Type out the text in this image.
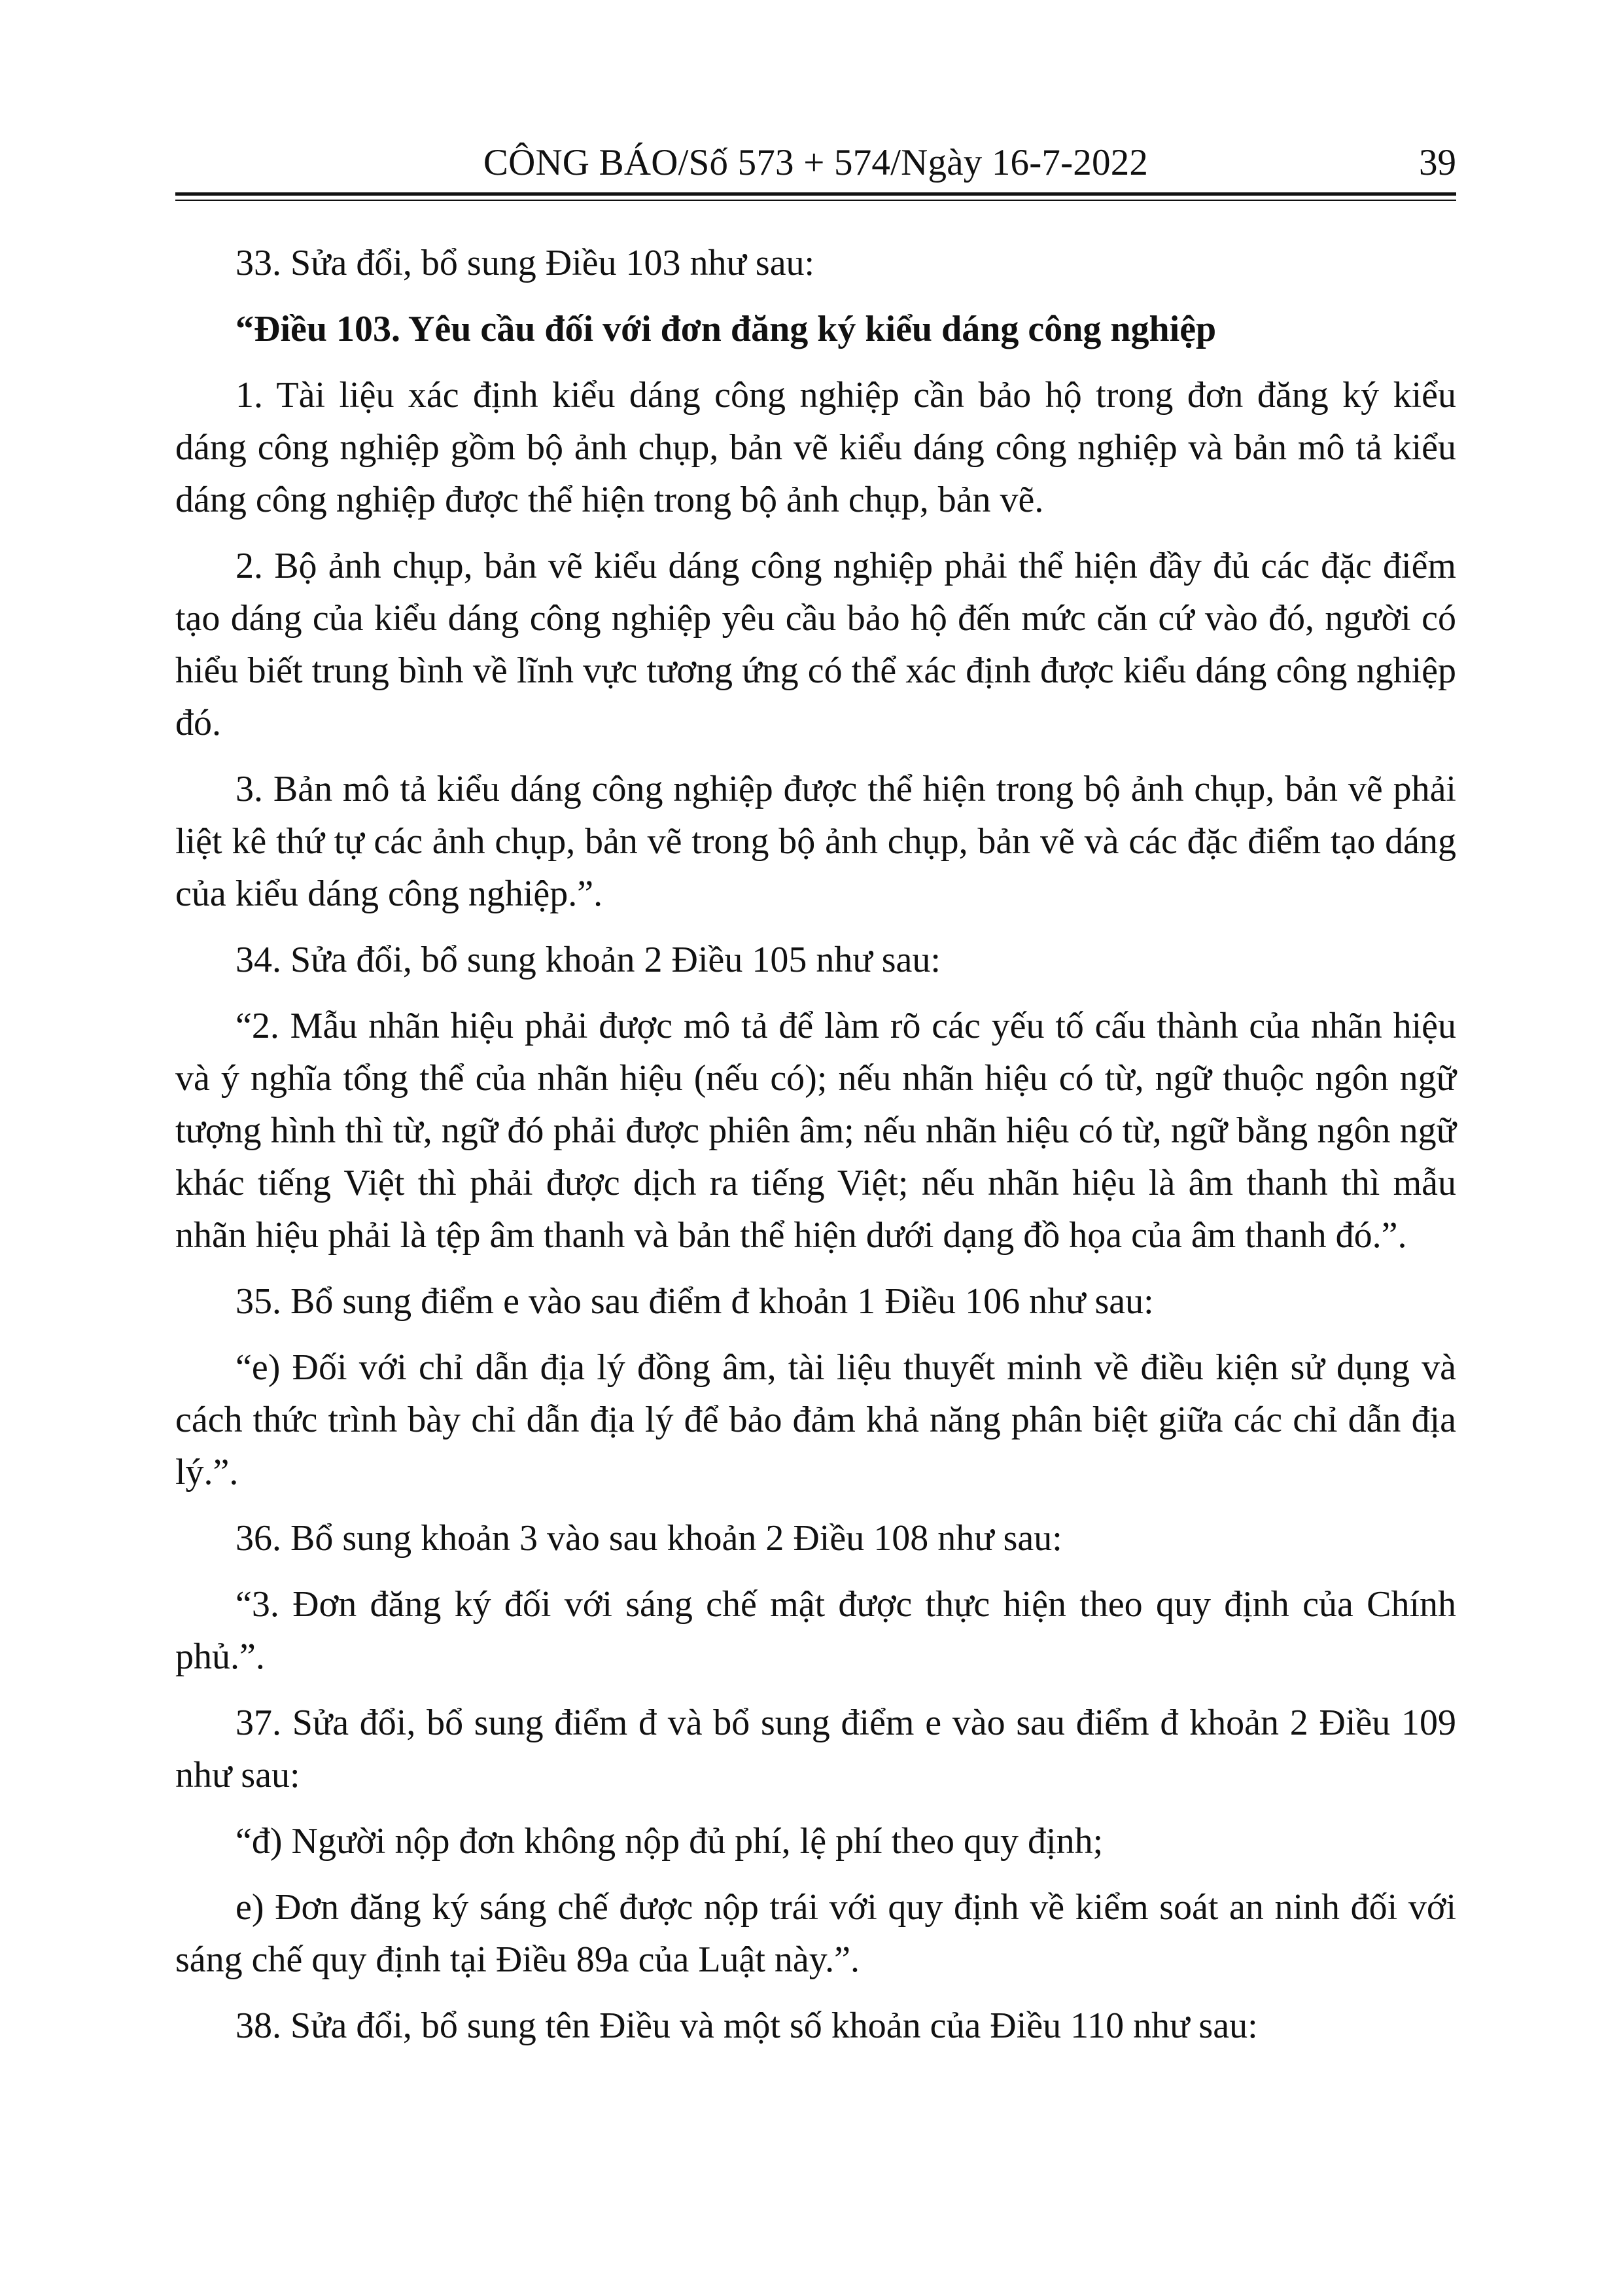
CÔNG BÁO/Số 573 + 574/Ngày 16-7-2022	39

33. Sửa đổi, bổ sung Điều 103 như sau:

“Điều 103. Yêu cầu đối với đơn đăng ký kiểu dáng công nghiệp

1. Tài liệu xác định kiểu dáng công nghiệp cần bảo hộ trong đơn đăng ký kiểu dáng công nghiệp gồm bộ ảnh chụp, bản vẽ kiểu dáng công nghiệp và bản mô tả kiểu dáng công nghiệp được thể hiện trong bộ ảnh chụp, bản vẽ.

2. Bộ ảnh chụp, bản vẽ kiểu dáng công nghiệp phải thể hiện đầy đủ các đặc điểm tạo dáng của kiểu dáng công nghiệp yêu cầu bảo hộ đến mức căn cứ vào đó, người có hiểu biết trung bình về lĩnh vực tương ứng có thể xác định được kiểu dáng công nghiệp đó.

3. Bản mô tả kiểu dáng công nghiệp được thể hiện trong bộ ảnh chụp, bản vẽ phải liệt kê thứ tự các ảnh chụp, bản vẽ trong bộ ảnh chụp, bản vẽ và các đặc điểm tạo dáng của kiểu dáng công nghiệp.”.

34. Sửa đổi, bổ sung khoản 2 Điều 105 như sau:

“2. Mẫu nhãn hiệu phải được mô tả để làm rõ các yếu tố cấu thành của nhãn hiệu và ý nghĩa tổng thể của nhãn hiệu (nếu có); nếu nhãn hiệu có từ, ngữ thuộc ngôn ngữ tượng hình thì từ, ngữ đó phải được phiên âm; nếu nhãn hiệu có từ, ngữ bằng ngôn ngữ khác tiếng Việt thì phải được dịch ra tiếng Việt; nếu nhãn hiệu là âm thanh thì mẫu nhãn hiệu phải là tệp âm thanh và bản thể hiện dưới dạng đồ họa của âm thanh đó.”.

35. Bổ sung điểm e vào sau điểm đ khoản 1 Điều 106 như sau:

“e) Đối với chỉ dẫn địa lý đồng âm, tài liệu thuyết minh về điều kiện sử dụng và cách thức trình bày chỉ dẫn địa lý để bảo đảm khả năng phân biệt giữa các chỉ dẫn địa lý.”.

36. Bổ sung khoản 3 vào sau khoản 2 Điều 108 như sau:

“3. Đơn đăng ký đối với sáng chế mật được thực hiện theo quy định của Chính phủ.”.

37. Sửa đổi, bổ sung điểm đ và bổ sung điểm e vào sau điểm đ khoản 2 Điều 109 như sau:

“đ) Người nộp đơn không nộp đủ phí, lệ phí theo quy định;

e) Đơn đăng ký sáng chế được nộp trái với quy định về kiểm soát an ninh đối với sáng chế quy định tại Điều 89a của Luật này.”.

38. Sửa đổi, bổ sung tên Điều và một số khoản của Điều 110 như sau:
